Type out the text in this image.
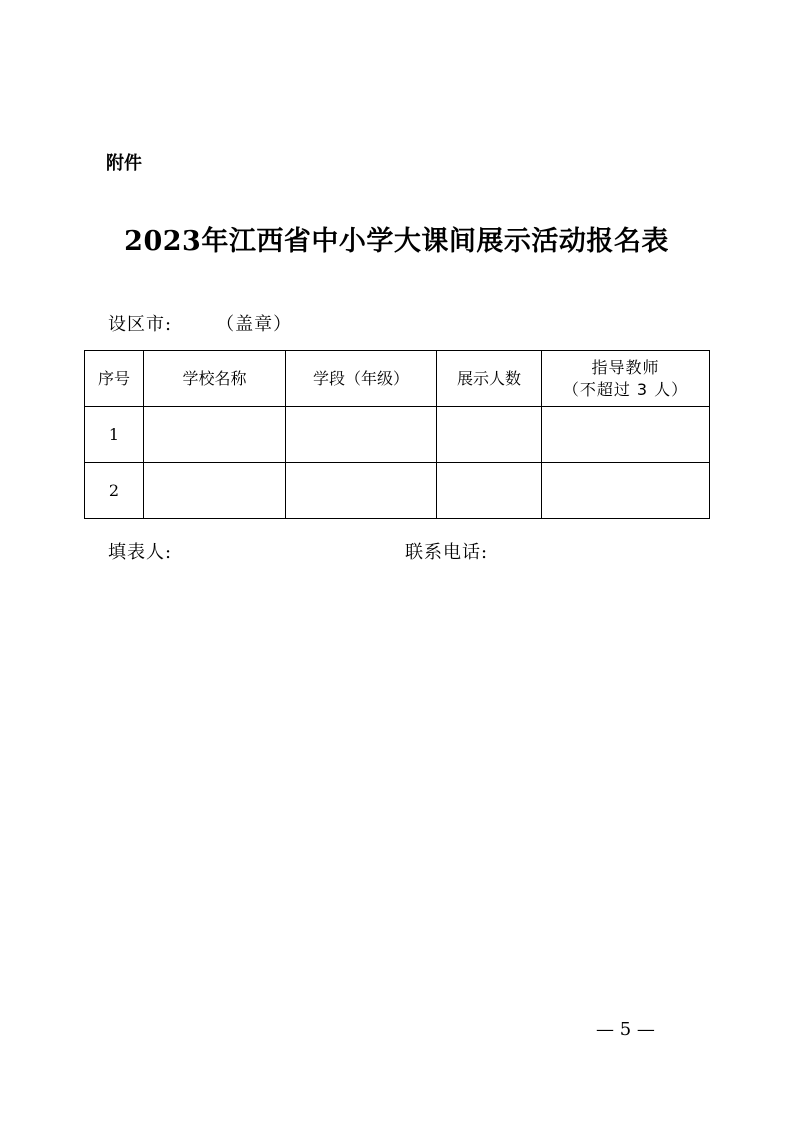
附件
2023年江西省中小学大课间展示活动报名表
设区市: （盖章）
序号	学校名称	学段（年级）	展示人数	指导教师
（不超过 3 人）

1				
2				
填表人:	联系电话:
— 5 —
